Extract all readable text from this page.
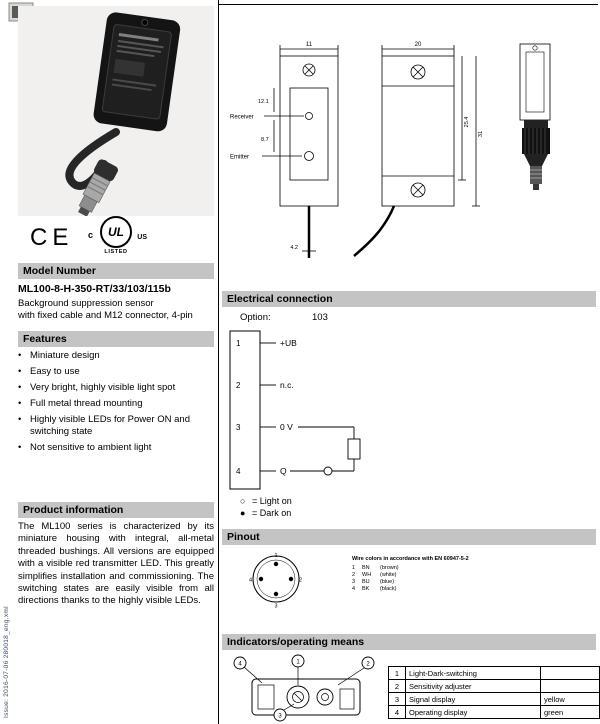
Issue: 2016-07-06 280018_eng.xml
CE c UL US
LISTED
Model Number
ML100-8-H-350-RT/33/103/115b
Background suppression sensor
with fixed cable and M12 connector, 4-pin
Features
• Miniature design
• Easy to use
• Very bright, highly visible light spot
• Full metal thread mounting
• Highly visible LEDs for Power ON and switching state
• Not sensitive to ambient light
Product information
The ML100 series is characterized by its miniature housing with integral, all-metal threaded bushings. All versions are equipped with a visible red transmitter LED. This greatly simplifies installation and commissioning. The switching states are easily visible from all directions thanks to the highly visible LEDs.
11
Receiver
Emitter
12.1
8.7
4.2
20
25.4
31
Electrical connection
Option:	103
1	+UB
2	n.c.
3	0 V
4	Q
○ = Light on
● = Dark on
Pinout
1
2
3
4
Wire colors in accordance with EN 60947-5-2
1 BN (brown)
2 WH (white)
3 BU (blue)
4 BK (black)
Indicators/operating means
1	2
3
4
1	Light-Dark-switching	
2	Sensitivity adjuster	
3	Signal display	yellow
4	Operating display	green
